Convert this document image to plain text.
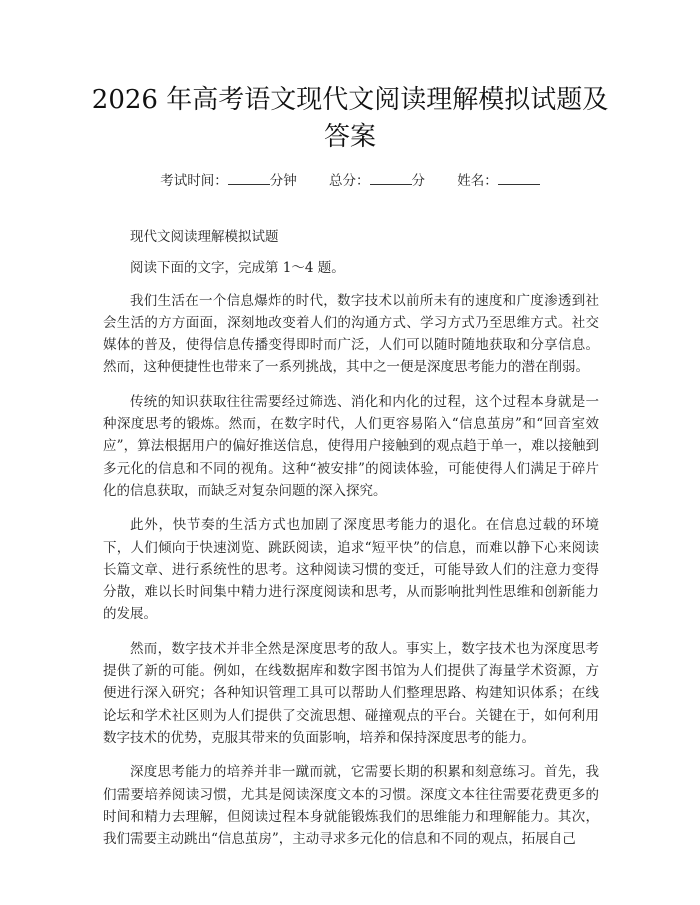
2026 年高考语文现代文阅读理解模拟试题及
答案
考试时间：	分钟 总分：	分 姓名：

现代文阅读理解模拟试题

阅读下面的文字，完成第 1～4 题。

我们生活在一个信息爆炸的时代，数字技术以前所未有的速度和广度渗透到社会生活的方方面面，深刻地改变着人们的沟通方式、学习方式乃至思维方式。社交媒体的普及，使得信息传播变得即时而广泛，人们可以随时随地获取和分享信息。然而，这种便捷性也带来了一系列挑战，其中之一便是深度思考能力的潜在削弱。

传统的知识获取往往需要经过筛选、消化和内化的过程，这个过程本身就是一种深度思考的锻炼。然而，在数字时代，人们更容易陷入“信息茧房”和“回音室效应”，算法根据用户的偏好推送信息，使得用户接触到的观点趋于单一，难以接触到多元化的信息和不同的视角。这种“被安排”的阅读体验，可能使得人们满足于碎片化的信息获取，而缺乏对复杂问题的深入探究。

此外，快节奏的生活方式也加剧了深度思考能力的退化。在信息过载的环境下，人们倾向于快速浏览、跳跃阅读，追求“短平快”的信息，而难以静下心来阅读长篇文章、进行系统性的思考。这种阅读习惯的变迁，可能导致人们的注意力变得分散，难以长时间集中精力进行深度阅读和思考，从而影响批判性思维和创新能力的发展。

然而，数字技术并非全然是深度思考的敌人。事实上，数字技术也为深度思考提供了新的可能。例如，在线数据库和数字图书馆为人们提供了海量学术资源，方便进行深入研究；各种知识管理工具可以帮助人们整理思路、构建知识体系；在线论坛和学术社区则为人们提供了交流思想、碰撞观点的平台。关键在于，如何利用数字技术的优势，克服其带来的负面影响，培养和保持深度思考的能力。

深度思考能力的培养并非一蹴而就，它需要长期的积累和刻意练习。首先，我们需要培养阅读习惯，尤其是阅读深度文本的习惯。深度文本往往需要花费更多的时间和精力去理解，但阅读过程本身就能锻炼我们的思维能力和理解能力。其次，我们需要主动跳出“信息茧房”，主动寻求多元化的信息和不同的观点，拓展自己
